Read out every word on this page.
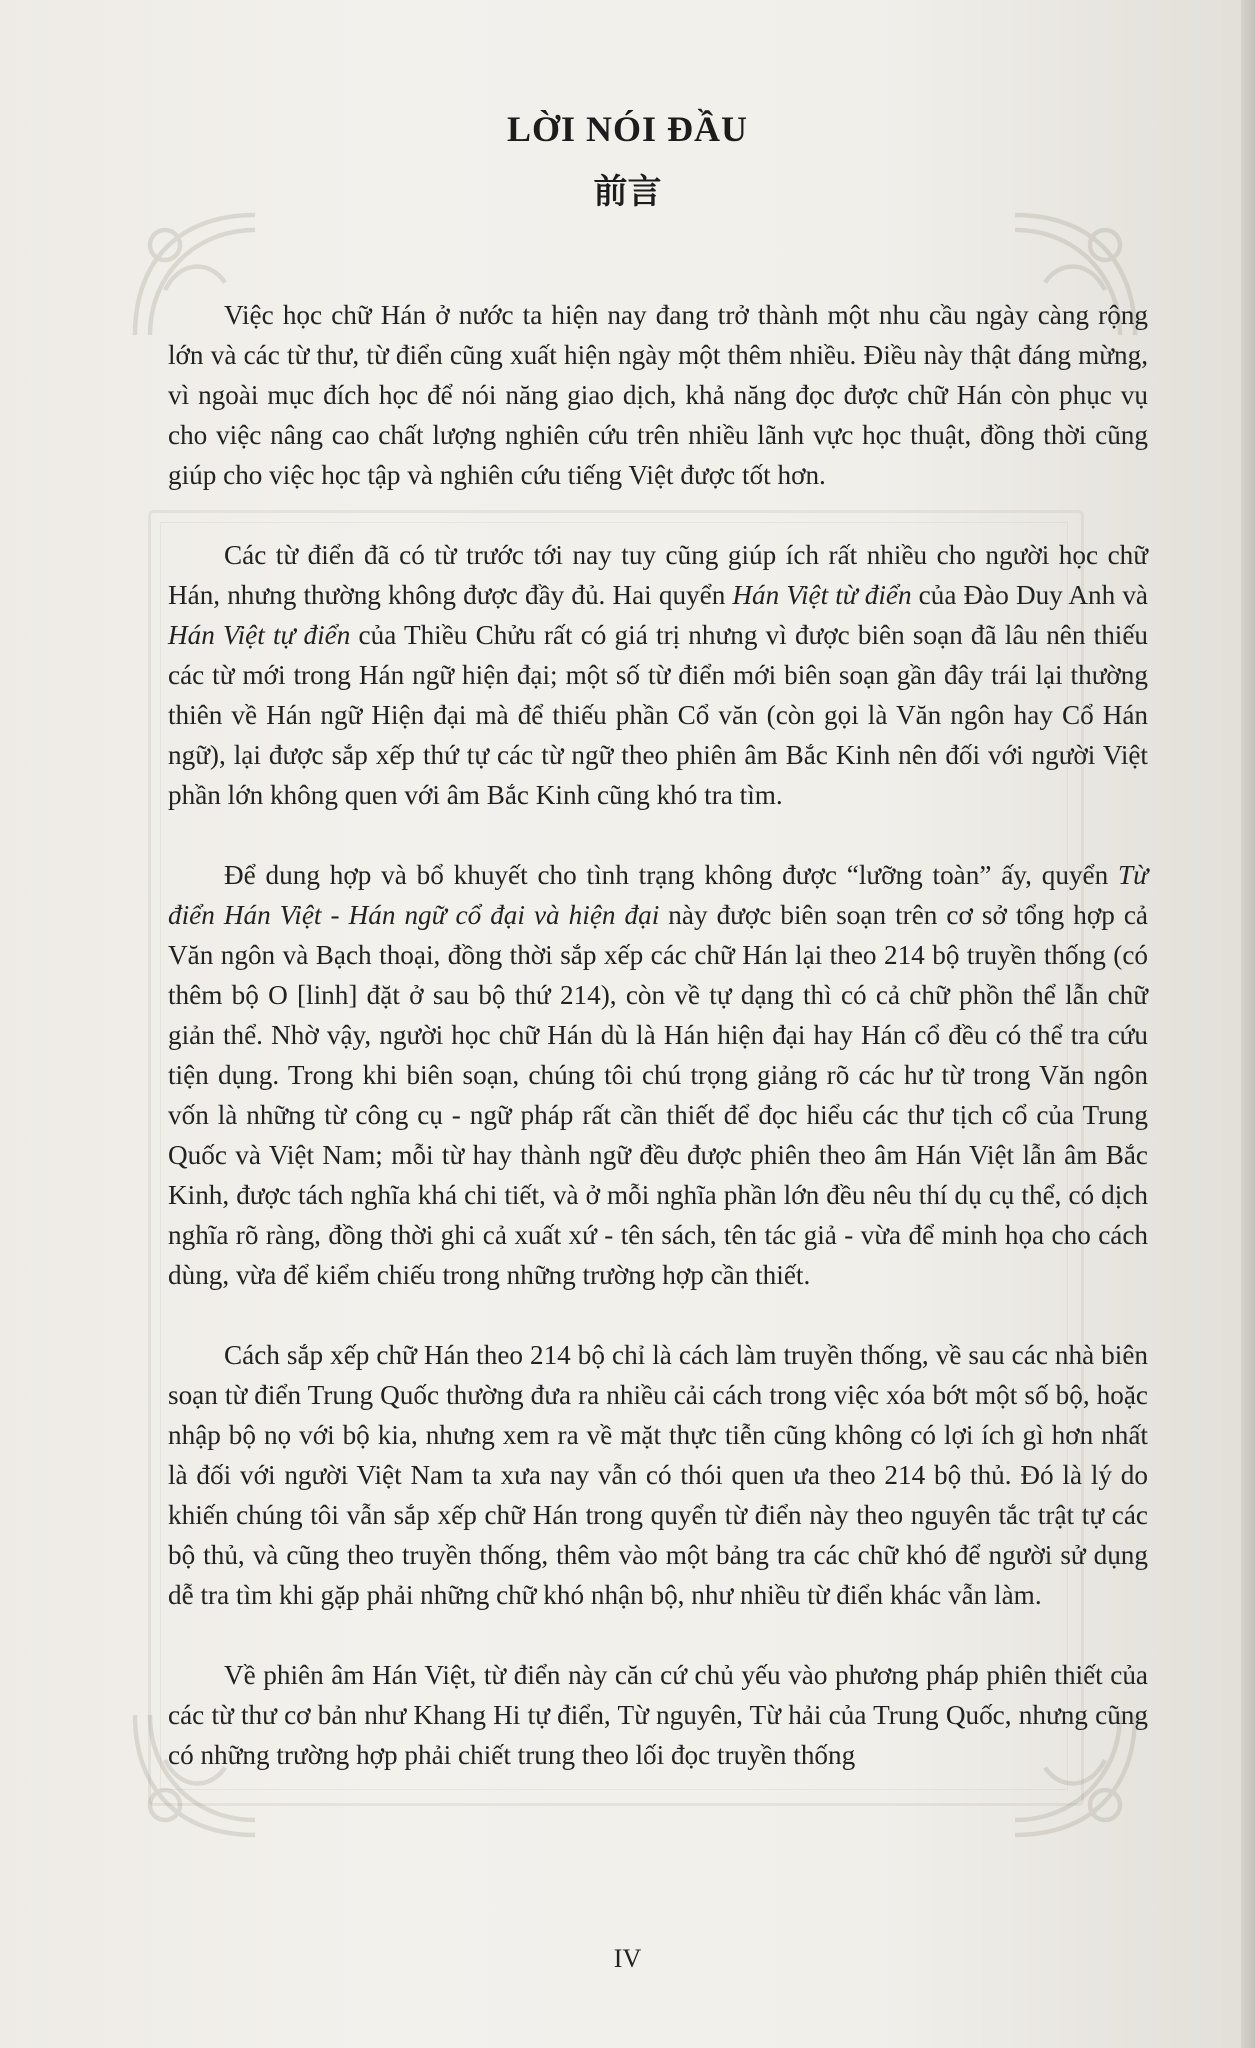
LỜI NÓI ĐẦU
前言

Việc học chữ Hán ở nước ta hiện nay đang trở thành một nhu cầu ngày càng rộng lớn và các từ thư, từ điển cũng xuất hiện ngày một thêm nhiều. Điều này thật đáng mừng, vì ngoài mục đích học để nói năng giao dịch, khả năng đọc được chữ Hán còn phục vụ cho việc nâng cao chất lượng nghiên cứu trên nhiều lãnh vực học thuật, đồng thời cũng giúp cho việc học tập và nghiên cứu tiếng Việt được tốt hơn.

Các từ điển đã có từ trước tới nay tuy cũng giúp ích rất nhiều cho người học chữ Hán, nhưng thường không được đầy đủ. Hai quyển Hán Việt từ điển của Đào Duy Anh và Hán Việt tự điển của Thiều Chửu rất có giá trị nhưng vì được biên soạn đã lâu nên thiếu các từ mới trong Hán ngữ hiện đại; một số từ điển mới biên soạn gần đây trái lại thường thiên về Hán ngữ Hiện đại mà để thiếu phần Cổ văn (còn gọi là Văn ngôn hay Cổ Hán ngữ), lại được sắp xếp thứ tự các từ ngữ theo phiên âm Bắc Kinh nên đối với người Việt phần lớn không quen với âm Bắc Kinh cũng khó tra tìm.

Để dung hợp và bổ khuyết cho tình trạng không được “lưỡng toàn” ấy, quyển Từ điển Hán Việt - Hán ngữ cổ đại và hiện đại này được biên soạn trên cơ sở tổng hợp cả Văn ngôn và Bạch thoại, đồng thời sắp xếp các chữ Hán lại theo 214 bộ truyền thống (có thêm bộ O [linh] đặt ở sau bộ thứ 214), còn về tự dạng thì có cả chữ phồn thể lẫn chữ giản thể. Nhờ vậy, người học chữ Hán dù là Hán hiện đại hay Hán cổ đều có thể tra cứu tiện dụng. Trong khi biên soạn, chúng tôi chú trọng giảng rõ các hư từ trong Văn ngôn vốn là những từ công cụ - ngữ pháp rất cần thiết để đọc hiểu các thư tịch cổ của Trung Quốc và Việt Nam; mỗi từ hay thành ngữ đều được phiên theo âm Hán Việt lẫn âm Bắc Kinh, được tách nghĩa khá chi tiết, và ở mỗi nghĩa phần lớn đều nêu thí dụ cụ thể, có dịch nghĩa rõ ràng, đồng thời ghi cả xuất xứ - tên sách, tên tác giả - vừa để minh họa cho cách dùng, vừa để kiểm chiếu trong những trường hợp cần thiết.

Cách sắp xếp chữ Hán theo 214 bộ chỉ là cách làm truyền thống, về sau các nhà biên soạn từ điển Trung Quốc thường đưa ra nhiều cải cách trong việc xóa bớt một số bộ, hoặc nhập bộ nọ với bộ kia, nhưng xem ra về mặt thực tiễn cũng không có lợi ích gì hơn nhất là đối với người Việt Nam ta xưa nay vẫn có thói quen ưa theo 214 bộ thủ. Đó là lý do khiến chúng tôi vẫn sắp xếp chữ Hán trong quyển từ điển này theo nguyên tắc trật tự các bộ thủ, và cũng theo truyền thống, thêm vào một bảng tra các chữ khó để người sử dụng dễ tra tìm khi gặp phải những chữ khó nhận bộ, như nhiều từ điển khác vẫn làm.

Về phiên âm Hán Việt, từ điển này căn cứ chủ yếu vào phương pháp phiên thiết của các từ thư cơ bản như Khang Hi tự điển, Từ nguyên, Từ hải của Trung Quốc, nhưng cũng có những trường hợp phải chiết trung theo lối đọc truyền thống

IV
